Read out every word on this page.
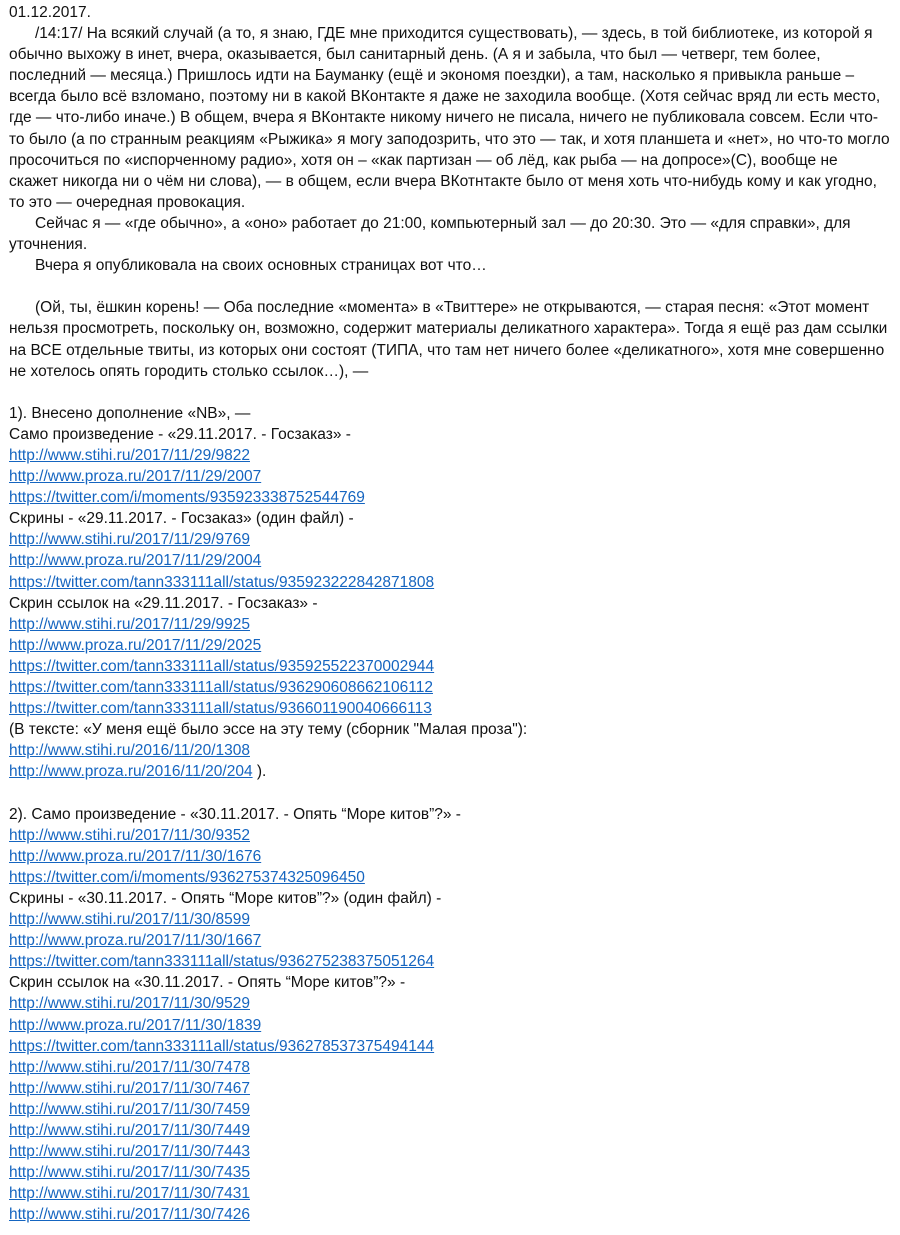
01.12.2017.

/14:17/ На всякий случай (а то, я знаю, ГДЕ мне приходится существовать), — здесь, в той библиотеке, из которой я обычно выхожу в инет, вчера, оказывается, был санитарный день. (А я и забыла, что был — четверг, тем более, последний — месяца.) Пришлось идти на Бауманку (ещё и экономя поездки), а там, насколько я привыкла раньше – всегда было всё взломано, поэтому ни в какой ВКонтакте я даже не заходила вообще. (Хотя сейчас вряд ли есть место, где — что-либо иначе.) В общем, вчера я ВКонтакте никому ничего не писала, ничего не публиковала совсем. Если что-то было (а по странным реакциям «Рыжика» я могу заподозрить, что это — так, и хотя планшета и «нет», но что-то могло просочиться по «испорченному радио», хотя он – «как партизан — об лёд, как рыба — на допросе»(С), вообще не скажет никогда ни о чём ни слова), — в общем, если вчера ВКотнтакте было от меня хоть что-нибудь кому и как угодно, то это — очередная провокация.

Сейчас я — «где обычно», а «оно» работает до 21:00, компьютерный зал — до 20:30. Это — «для справки», для уточнения.

Вчера я опубликовала на своих основных страницах вот что…

(Ой, ты, ёшкин корень! — Оба последние «момента» в «Твиттере» не открываются, — старая песня: «Этот момент нельзя просмотреть, поскольку он, возможно, содержит материалы деликатного характера». Тогда я ещё раз дам ссылки на ВСЕ отдельные твиты, из которых они состоят (ТИПА, что там нет ничего более «деликатного», хотя мне совершенно не хотелось опять городить столько ссылок…), —

1). Внесено дополнение «NB», —
Само произведение - «29.11.2017. - Госзаказ» -
http://www.stihi.ru/2017/11/29/9822
http://www.proza.ru/2017/11/29/2007
https://twitter.com/i/moments/935923338752544769
Скрины - «29.11.2017. - Госзаказ» (один файл) -
http://www.stihi.ru/2017/11/29/9769
http://www.proza.ru/2017/11/29/2004
https://twitter.com/tann333111all/status/935923222842871808
Скрин ссылок на «29.11.2017. - Госзаказ» -
http://www.stihi.ru/2017/11/29/9925
http://www.proza.ru/2017/11/29/2025
https://twitter.com/tann333111all/status/935925522370002944
https://twitter.com/tann333111all/status/936290608662106112
https://twitter.com/tann333111all/status/936601190040666113
(В тексте: «У меня ещё было эссе на эту тему (сборник "Малая проза"):
http://www.stihi.ru/2016/11/20/1308
http://www.proza.ru/2016/11/20/204 ).
2). Само произведение - «30.11.2017. - Опять “Море китов”?» -
http://www.stihi.ru/2017/11/30/9352
http://www.proza.ru/2017/11/30/1676
https://twitter.com/i/moments/936275374325096450
Скрины - «30.11.2017. - Опять “Море китов”?» (один файл) -
http://www.stihi.ru/2017/11/30/8599
http://www.proza.ru/2017/11/30/1667
https://twitter.com/tann333111all/status/936275238375051264
Скрин ссылок на «30.11.2017. - Опять “Море китов”?» -
http://www.stihi.ru/2017/11/30/9529
http://www.proza.ru/2017/11/30/1839
https://twitter.com/tann333111all/status/936278537375494144
http://www.stihi.ru/2017/11/30/7478
http://www.stihi.ru/2017/11/30/7467
http://www.stihi.ru/2017/11/30/7459
http://www.stihi.ru/2017/11/30/7449
http://www.stihi.ru/2017/11/30/7443
http://www.stihi.ru/2017/11/30/7435
http://www.stihi.ru/2017/11/30/7431
http://www.stihi.ru/2017/11/30/7426
